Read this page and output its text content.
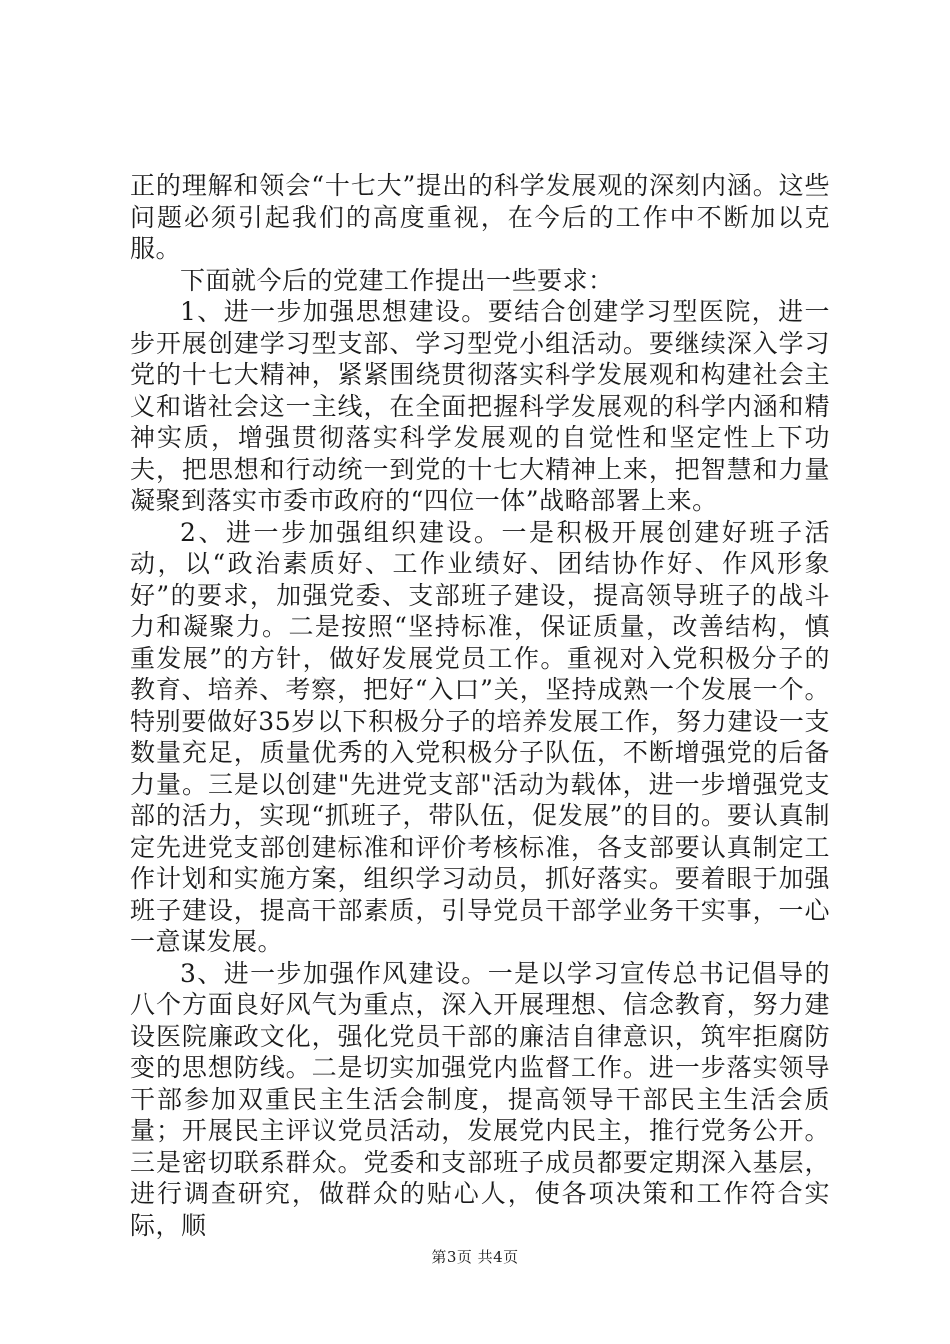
正的理解和领会“十七大”提出的科学发展观的深刻内涵。这些问题必须引起我们的高度重视，在今后的工作中不断加以克服。

下面就今后的党建工作提出一些要求：

1、进一步加强思想建设。要结合创建学习型医院，进一步开展创建学习型支部、学习型党小组活动。要继续深入学习党的十七大精神，紧紧围绕贯彻落实科学发展观和构建社会主义和谐社会这一主线，在全面把握科学发展观的科学内涵和精神实质，增强贯彻落实科学发展观的自觉性和坚定性上下功夫，把思想和行动统一到党的十七大精神上来，把智慧和力量凝聚到落实市委市政府的“四位一体”战略部署上来。

2、进一步加强组织建设。一是积极开展创建好班子活动，以“政治素质好、工作业绩好、团结协作好、作风形象好”的要求，加强党委、支部班子建设，提高领导班子的战斗力和凝聚力。二是按照“坚持标准，保证质量，改善结构，慎重发展”的方针，做好发展党员工作。重视对入党积极分子的教育、培养、考察，把好“入口”关，坚持成熟一个发展一个。特别要做好35岁以下积极分子的培养发展工作，努力建设一支数量充足，质量优秀的入党积极分子队伍，不断增强党的后备力量。三是以创建"先进党支部"活动为载体，进一步增强党支部的活力，实现“抓班子，带队伍，促发展”的目的。要认真制定先进党支部创建标准和评价考核标准，各支部要认真制定工作计划和实施方案，组织学习动员，抓好落实。要着眼于加强班子建设，提高干部素质，引导党员干部学业务干实事，一心一意谋发展。

3、进一步加强作风建设。一是以学习宣传总书记倡导的八个方面良好风气为重点，深入开展理想、信念教育，努力建设医院廉政文化，强化党员干部的廉洁自律意识，筑牢拒腐防变的思想防线。二是切实加强党内监督工作。进一步落实领导干部参加双重民主生活会制度，提高领导干部民主生活会质量；开展民主评议党员活动，发展党内民主，推行党务公开。三是密切联系群众。党委和支部班子成员都要定期深入基层，进行调查研究，做群众的贴心人，使各项决策和工作符合实际，顺

第3页 共4页
